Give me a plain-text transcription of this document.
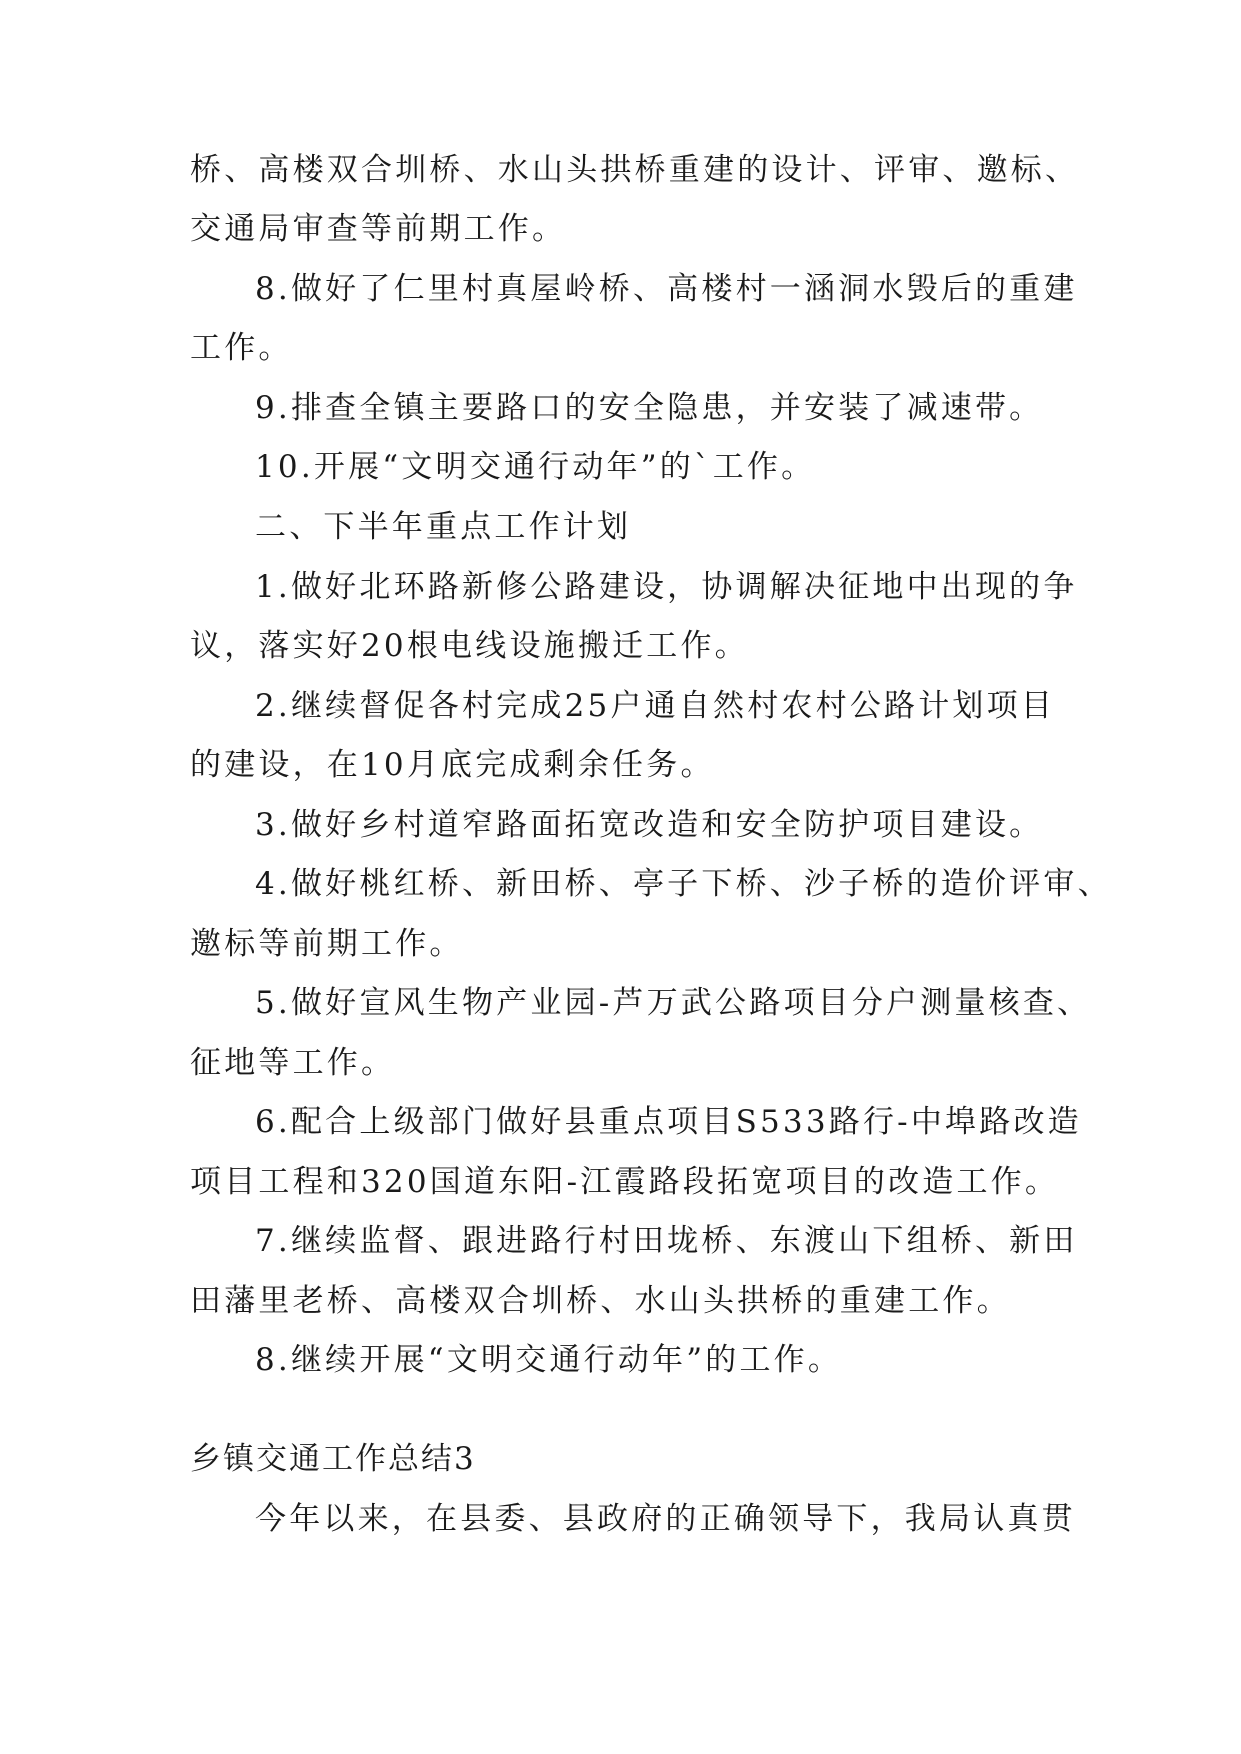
桥、高楼双合圳桥、水山头拱桥重建的设计、评审、邀标、
交通局审查等前期工作。
8.做好了仁里村真屋岭桥、高楼村一涵洞水毁后的重建
工作。
9.排查全镇主要路口的安全隐患，并安装了减速带。
10.开展“文明交通行动年”的`工作。
二、下半年重点工作计划
1.做好北环路新修公路建设，协调解决征地中出现的争
议，落实好20根电线设施搬迁工作。
2.继续督促各村完成25户通自然村农村公路计划项目
的建设，在10月底完成剩余任务。
3.做好乡村道窄路面拓宽改造和安全防护项目建设。
4.做好桃红桥、新田桥、亭子下桥、沙子桥的造价评审、
邀标等前期工作。
5.做好宣风生物产业园-芦万武公路项目分户测量核查、
征地等工作。
6.配合上级部门做好县重点项目S533路行-中埠路改造
项目工程和320国道东阳-江霞路段拓宽项目的改造工作。
7.继续监督、跟进路行村田垅桥、东渡山下组桥、新田
田藩里老桥、高楼双合圳桥、水山头拱桥的重建工作。
8.继续开展“文明交通行动年”的工作。
乡镇交通工作总结3
今年以来，在县委、县政府的正确领导下，我局认真贯
